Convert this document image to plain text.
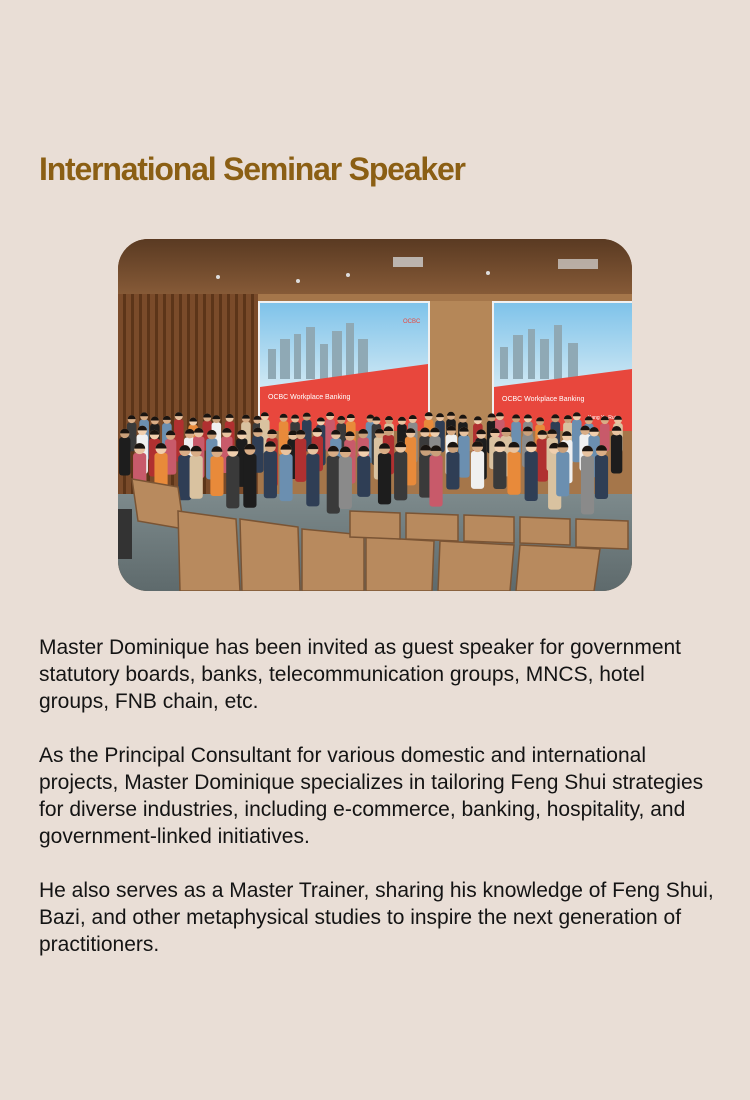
International Seminar Speaker
OCBC Workplace Banking
OCBC
OCBC Workplace Banking
Kang Rui

Master Dominique has been invited as guest speaker for government statutory boards, banks, telecommunication groups, MNCS, hotel groups, FNB chain, etc.

As the Principal Consultant for various domestic and international projects, Master Dominique specializes in tailoring Feng Shui strategies for diverse industries, including e-commerce, banking, hospitality, and government-linked initiatives.

He also serves as a Master Trainer, sharing his knowledge of Feng Shui, Bazi, and other metaphysical studies to inspire the next generation of practitioners.
